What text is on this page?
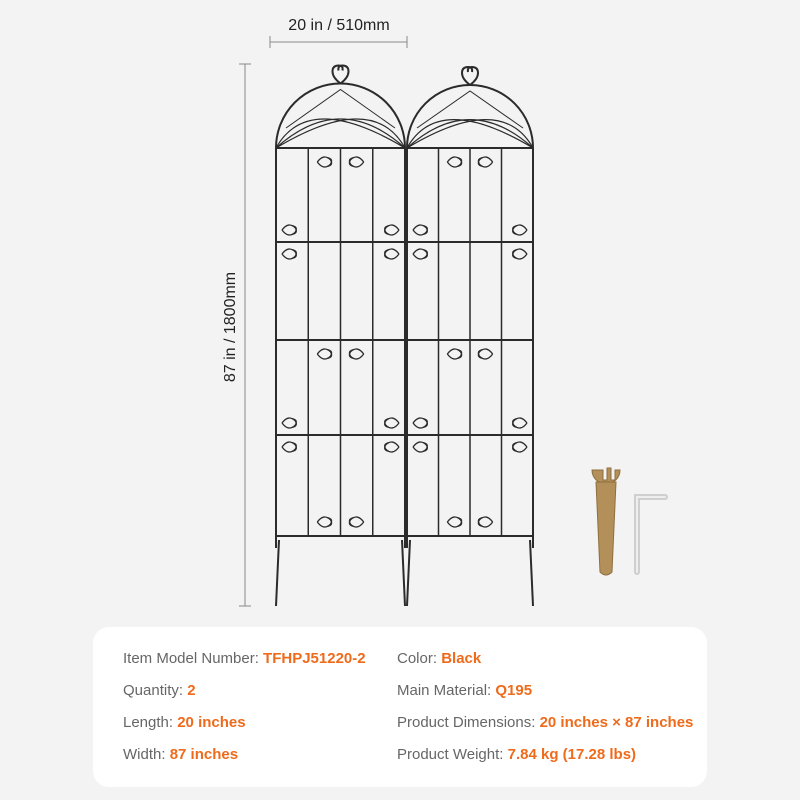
20 in / 510mm
87 in / 1800mm
Item Model Number: TFHPJ51220-2
Quantity: 2
Length: 20 inches
Width: 87 inches
Color: Black
Main Material: Q195
Product Dimensions: 20 inches × 87 inches
Product Weight: 7.84 kg (17.28 lbs)
